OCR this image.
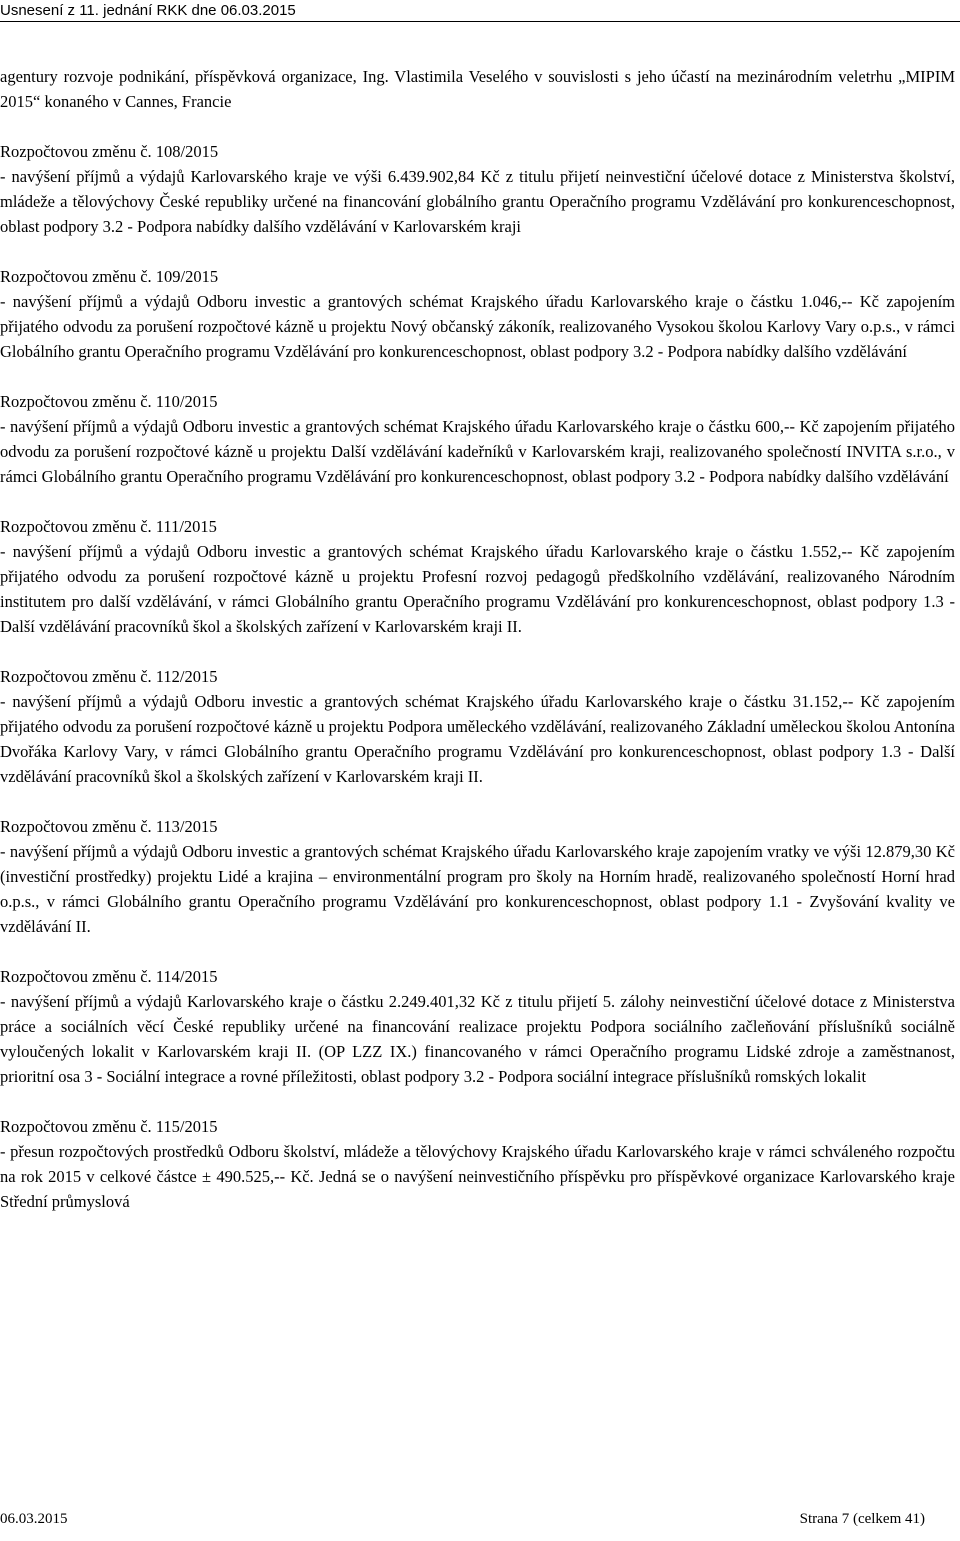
Usnesení z 11. jednání RKK dne 06.03.2015

agentury rozvoje podnikání, příspěvková organizace, Ing. Vlastimila Veselého v souvislosti s jeho účastí na mezinárodním veletrhu „MIPIM 2015“ konaného v Cannes, Francie

Rozpočtovou změnu č. 108/2015

- navýšení příjmů a výdajů Karlovarského kraje ve výši 6.439.902,84 Kč z titulu přijetí neinvestiční účelové dotace z Ministerstva školství, mládeže a tělovýchovy České republiky určené na financování globálního grantu Operačního programu Vzdělávání pro konkurenceschopnost, oblast podpory 3.2 - Podpora nabídky dalšího vzdělávání v Karlovarském kraji

Rozpočtovou změnu č. 109/2015

- navýšení příjmů a výdajů Odboru investic a grantových schémat Krajského úřadu Karlovarského kraje o částku 1.046,-- Kč zapojením přijatého odvodu za porušení rozpočtové kázně u projektu Nový občanský zákoník, realizovaného Vysokou školou Karlovy Vary o.p.s., v rámci Globálního grantu Operačního programu Vzdělávání pro konkurenceschopnost, oblast podpory 3.2 - Podpora nabídky dalšího vzdělávání

Rozpočtovou změnu č. 110/2015

- navýšení příjmů a výdajů Odboru investic a grantových schémat Krajského úřadu Karlovarského kraje o částku 600,-- Kč zapojením přijatého odvodu za porušení rozpočtové kázně u projektu Další vzdělávání kadeřníků v Karlovarském kraji, realizovaného společností INVITA s.r.o., v rámci Globálního grantu Operačního programu Vzdělávání pro konkurenceschopnost, oblast podpory 3.2 - Podpora nabídky dalšího vzdělávání

Rozpočtovou změnu č. 111/2015

- navýšení příjmů a výdajů Odboru investic a grantových schémat Krajského úřadu Karlovarského kraje o částku 1.552,-- Kč zapojením přijatého odvodu za porušení rozpočtové kázně u projektu Profesní rozvoj pedagogů předškolního vzdělávání, realizovaného Národním institutem pro další vzdělávání, v rámci Globálního grantu Operačního programu Vzdělávání pro konkurenceschopnost, oblast podpory 1.3 - Další vzdělávání pracovníků škol a školských zařízení v Karlovarském kraji II.

Rozpočtovou změnu č. 112/2015

- navýšení příjmů a výdajů Odboru investic a grantových schémat Krajského úřadu Karlovarského kraje o částku 31.152,-- Kč zapojením přijatého odvodu za porušení rozpočtové kázně u projektu Podpora uměleckého vzdělávání, realizovaného Základní uměleckou školou Antonína Dvořáka Karlovy Vary, v rámci Globálního grantu Operačního programu Vzdělávání pro konkurenceschopnost, oblast podpory 1.3 - Další vzdělávání pracovníků škol a školských zařízení v Karlovarském kraji II.

Rozpočtovou změnu č. 113/2015

- navýšení příjmů a výdajů Odboru investic a grantových schémat Krajského úřadu Karlovarského kraje zapojením vratky ve výši 12.879,30 Kč (investiční prostředky) projektu Lidé a krajina – environmentální program pro školy na Horním hradě, realizovaného společností Horní hrad o.p.s., v rámci Globálního grantu Operačního programu Vzdělávání pro konkurenceschopnost, oblast podpory 1.1 - Zvyšování kvality ve vzdělávání II.

Rozpočtovou změnu č. 114/2015

- navýšení příjmů a výdajů Karlovarského kraje o částku 2.249.401,32 Kč z titulu přijetí 5. zálohy neinvestiční účelové dotace z Ministerstva práce a sociálních věcí České republiky určené na financování realizace projektu Podpora sociálního začleňování příslušníků sociálně vyloučených lokalit v Karlovarském kraji II. (OP LZZ IX.) financovaného v rámci Operačního programu Lidské zdroje a zaměstnanost, prioritní osa 3 - Sociální integrace a rovné příležitosti, oblast podpory 3.2 - Podpora sociální integrace příslušníků romských lokalit

Rozpočtovou změnu č. 115/2015

- přesun rozpočtových prostředků Odboru školství, mládeže a tělovýchovy Krajského úřadu Karlovarského kraje v rámci schváleného rozpočtu na rok 2015 v celkové částce ± 490.525,-- Kč. Jedná se o navýšení neinvestičního příspěvku pro příspěvkové organizace Karlovarského kraje Střední průmyslová

06.03.2015	Strana 7 (celkem 41)
